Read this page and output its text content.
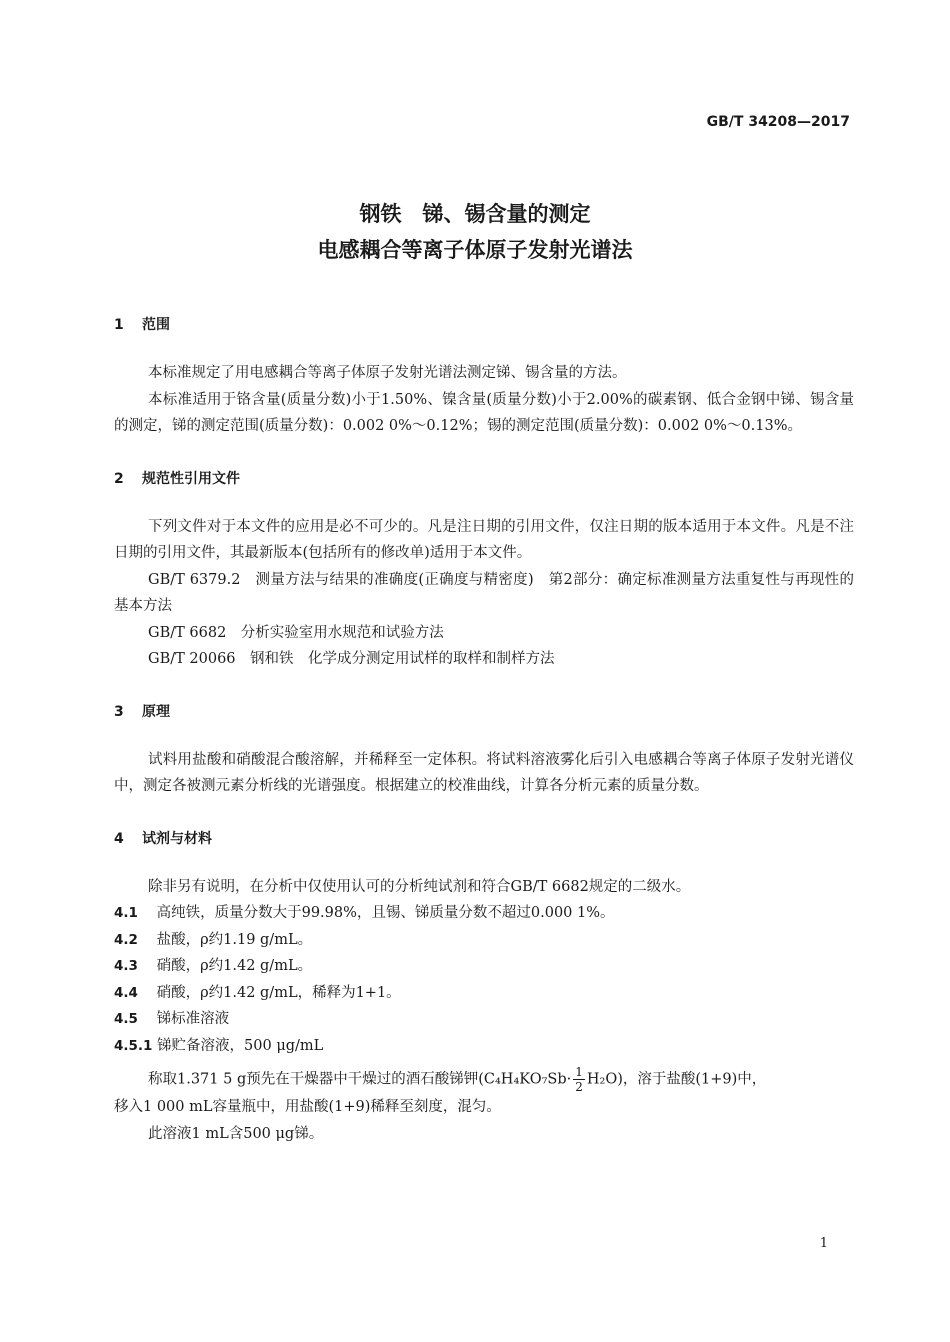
GB/T 34208—2017
钢铁　锑、锡含量的测定
电感耦合等离子体原子发射光谱法
1 范围

本标准规定了用电感耦合等离子体原子发射光谱法测定锑、锡含量的方法。

本标准适用于铬含量(质量分数)小于1.50%、镍含量(质量分数)小于2.00%的碳素钢、低合金钢中锑、锡含量的测定，锑的测定范围(质量分数)：0.002 0%～0.12%；锡的测定范围(质量分数)：0.002 0%～0.13%。

2 规范性引用文件

下列文件对于本文件的应用是必不可少的。凡是注日期的引用文件，仅注日期的版本适用于本文件。凡是不注日期的引用文件，其最新版本(包括所有的修改单)适用于本文件。

GB/T 6379.2　测量方法与结果的准确度(正确度与精密度)　第2部分：确定标准测量方法重复性与再现性的基本方法

GB/T 6682　分析实验室用水规范和试验方法

GB/T 20066　钢和铁　化学成分测定用试样的取样和制样方法

3 原理

试料用盐酸和硝酸混合酸溶解，并稀释至一定体积。将试料溶液雾化后引入电感耦合等离子体原子发射光谱仪中，测定各被测元素分析线的光谱强度。根据建立的校准曲线，计算各分析元素的质量分数。

4 试剂与材料

除非另有说明，在分析中仅使用认可的分析纯试剂和符合GB/T 6682规定的二级水。

4.1 高纯铁，质量分数大于99.98%，且锡、锑质量分数不超过0.000 1%。
4.2 盐酸，ρ约1.19 g/mL。
4.3 硝酸，ρ约1.42 g/mL。
4.4 硝酸，ρ约1.42 g/mL，稀释为1+1。
4.5 锑标准溶液
4.5.1 锑贮备溶液，500 μg/mL
称取1.371 5 g预先在干燥器中干燥过的酒石酸锑钾$(C_4H_4KO_7Sb\cdot \frac{1}{2} H_2O)$，溶于盐酸(1+9)中，
移入1 000 mL容量瓶中，用盐酸(1+9)稀释至刻度，混匀。

此溶液1 mL含500 μg锑。

1
